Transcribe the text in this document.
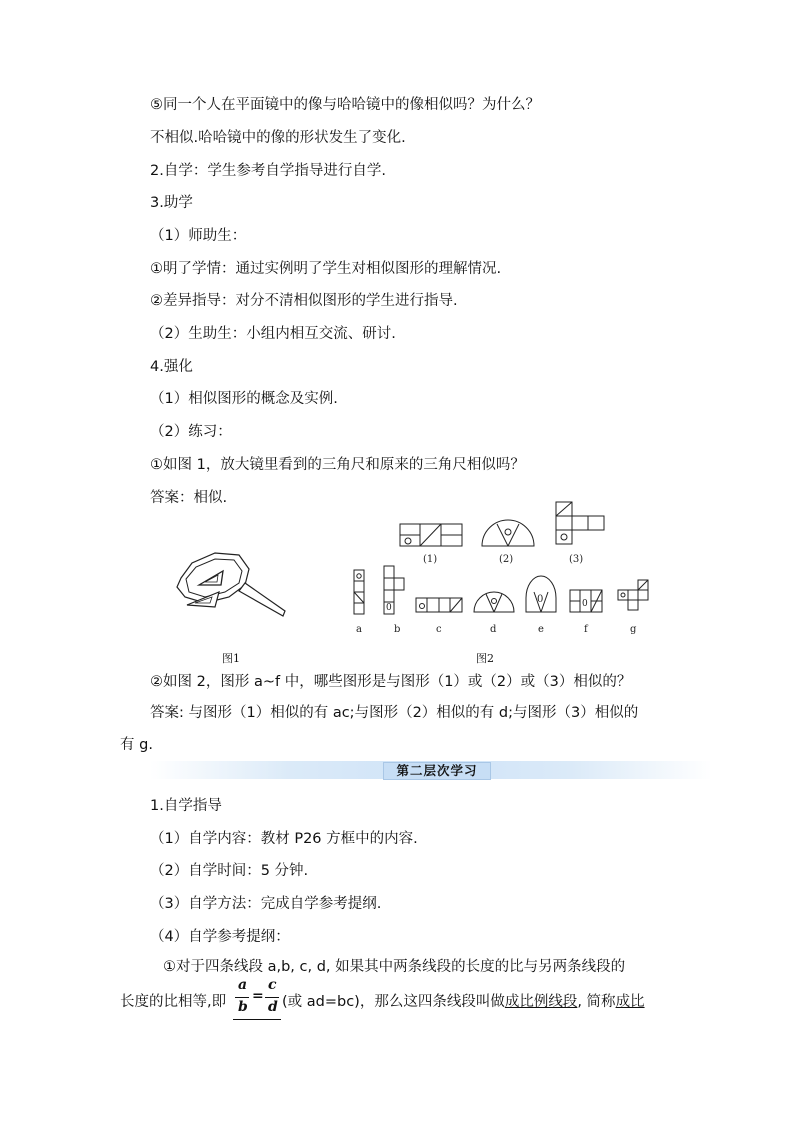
⑤同一个人在平面镜中的像与哈哈镜中的像相似吗？为什么？
不相似.哈哈镜中的像的形状发生了变化.
2.自学：学生参考自学指导进行自学.
3.助学
（1）师助生：
①明了学情：通过实例明了学生对相似图形的理解情况.
②差异指导：对分不清相似图形的学生进行指导.
（2）生助生：小组内相互交流、研讨.
4.强化
（1）相似图形的概念及实例.
（2）练习：
①如图 1，放大镜里看到的三角尺和原来的三角尺相似吗？
答案：相似.
图1
(1)	(2)	(3)
a
0
b	c	d
0
e
0
f	g
图2
②如图 2，图形 a~f 中，哪些图形是与图形（1）或（2）或（3）相似的？
答案: 与图形（1）相似的有 ac;与图形（2）相似的有 d;与图形（3）相似的
有 g.
第二层次学习
1.自学指导
（1）自学内容：教材 P26 方框中的内容.
（2）自学时间：5 分钟.
（3）自学方法：完成自学参考提纲.
（4）自学参考提纲：
①对于四条线段 a,b, c, d, 如果其中两条线段的长度的比与另两条线段的
长度的比相等,即
a
b
=
c
d (或 ad=bc)，那么这四条线段叫做成比例线段, 简称成比
